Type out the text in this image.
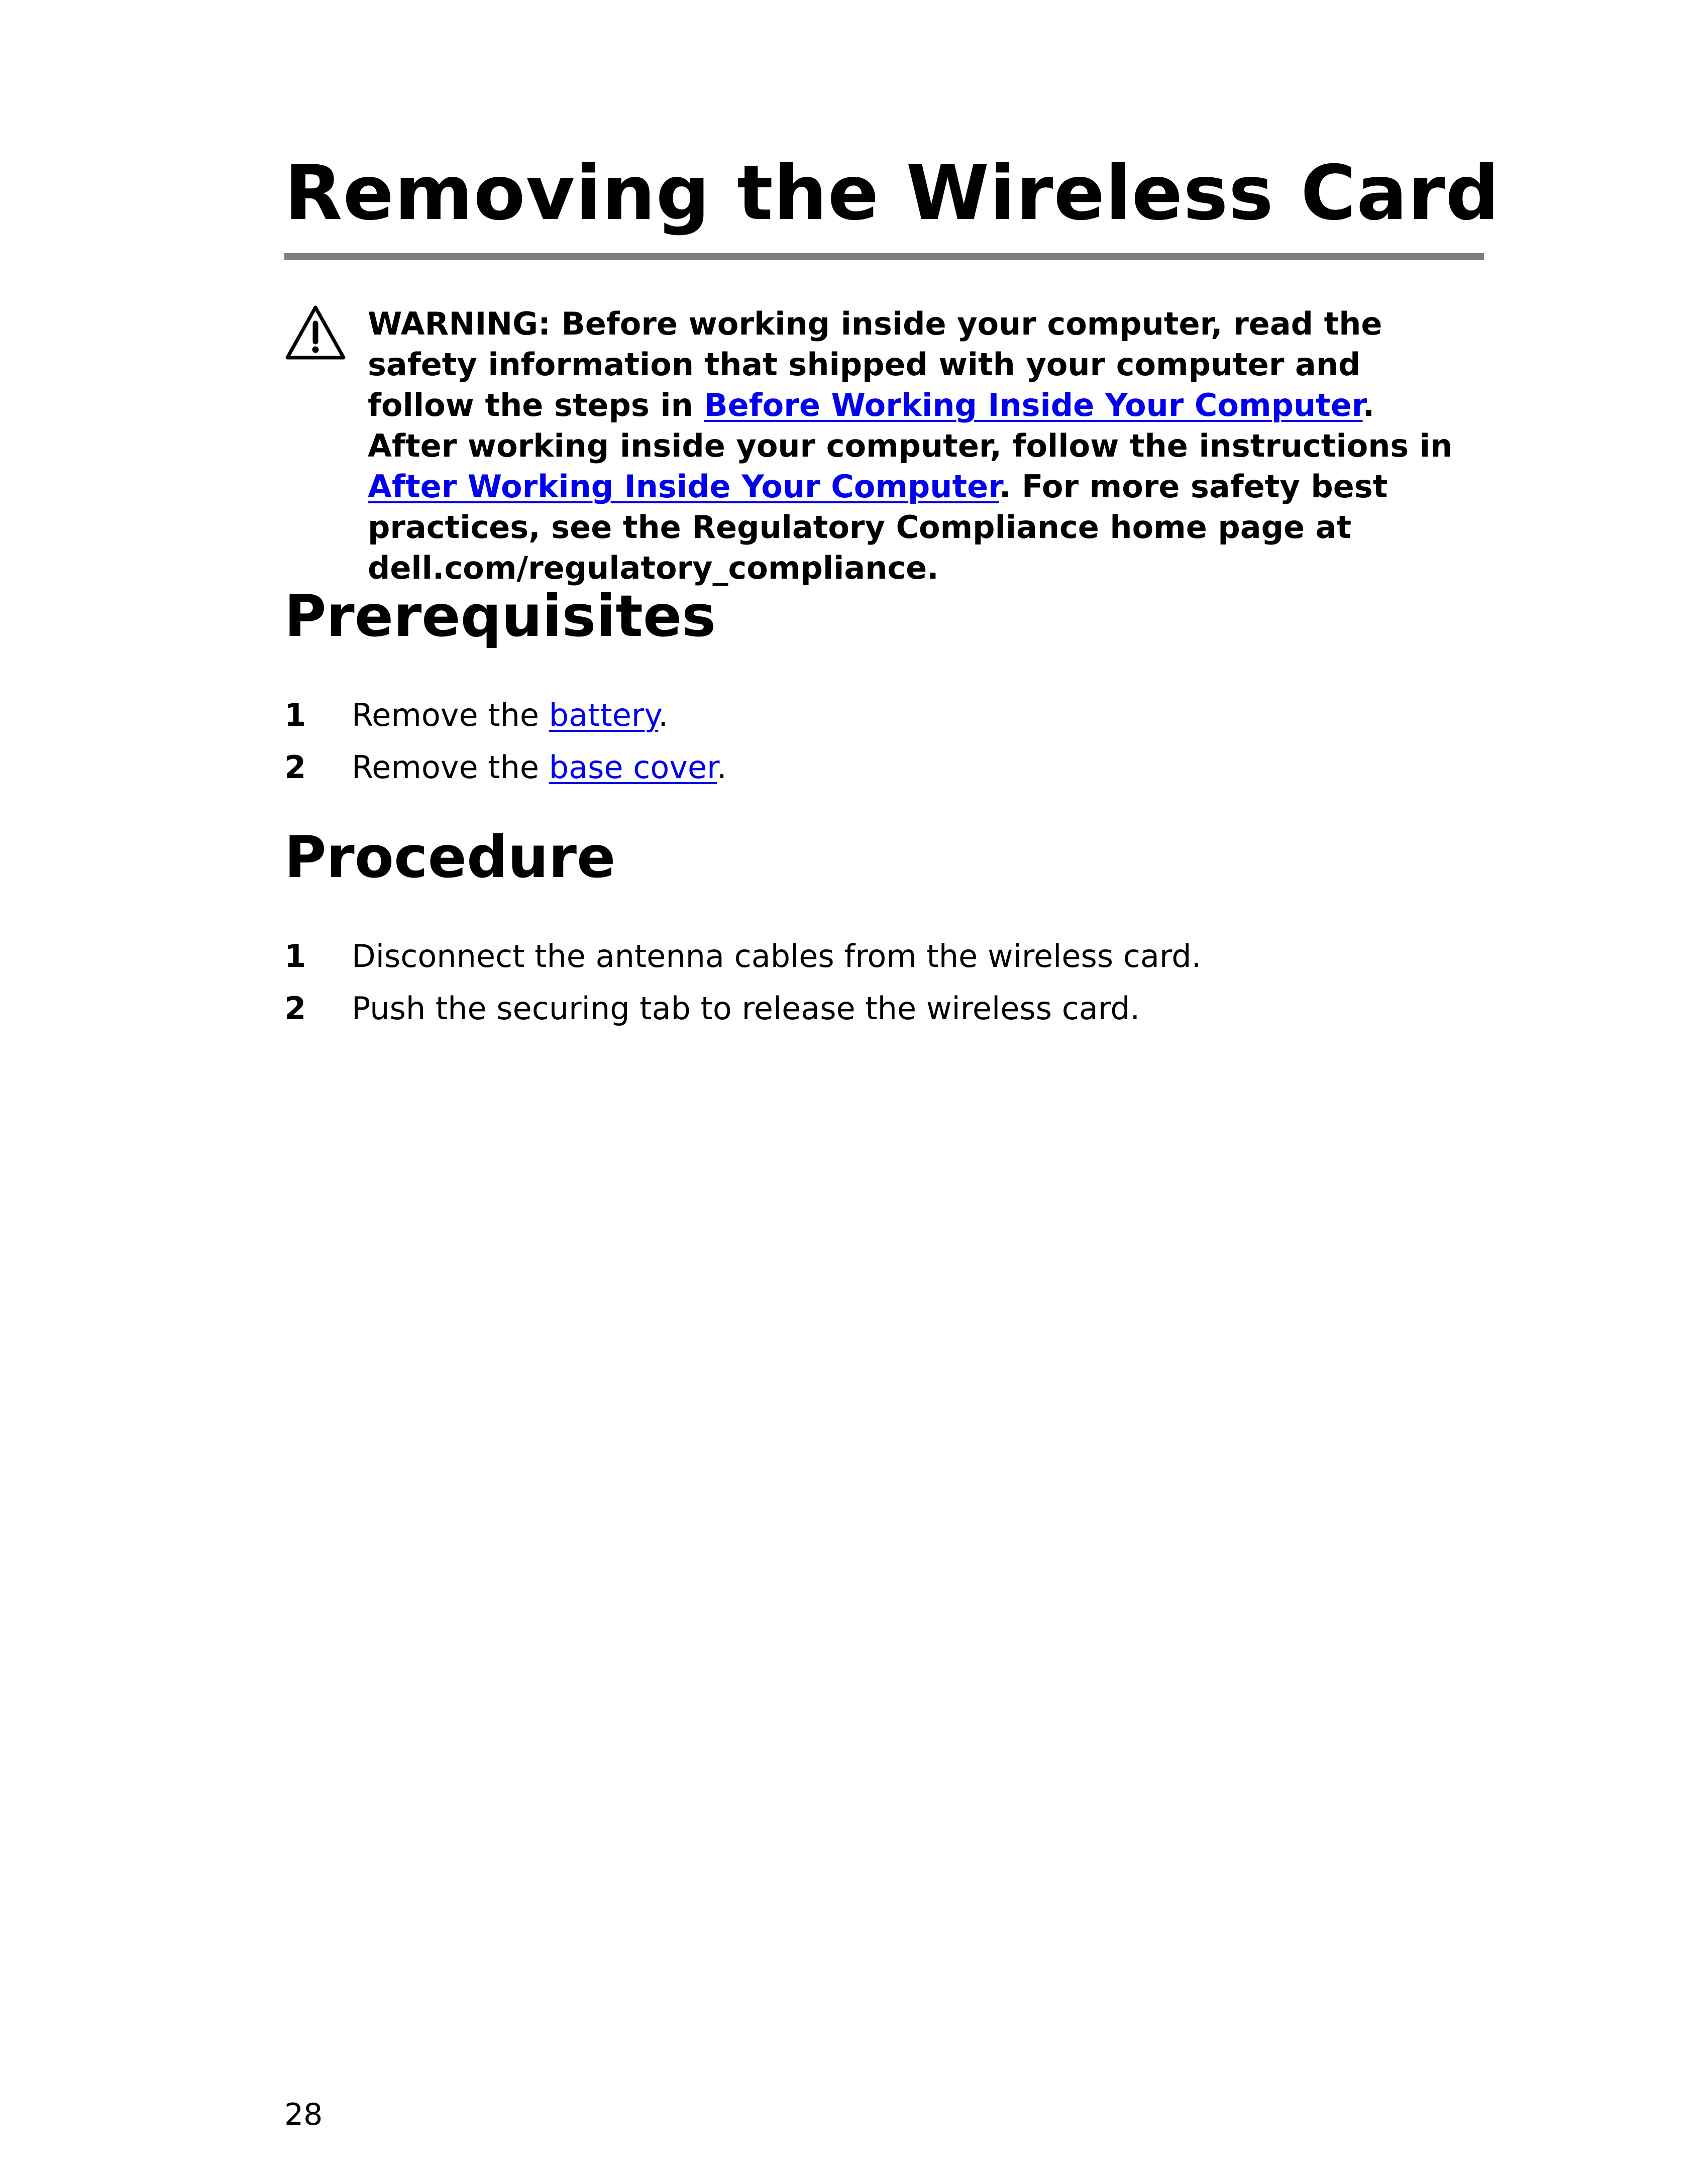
Removing the Wireless Card

WARNING: Before working inside your computer, read the safety information that shipped with your computer and follow the steps in Before Working Inside Your Computer. After working inside your computer, follow the instructions in After Working Inside Your Computer. For more safety best practices, see the Regulatory Compliance home page at dell.com/regulatory_compliance.

Prerequisites
1 Remove the battery.
2 Remove the base cover.
Procedure
1 Disconnect the antenna cables from the wireless card.
2 Push the securing tab to release the wireless card.

28
